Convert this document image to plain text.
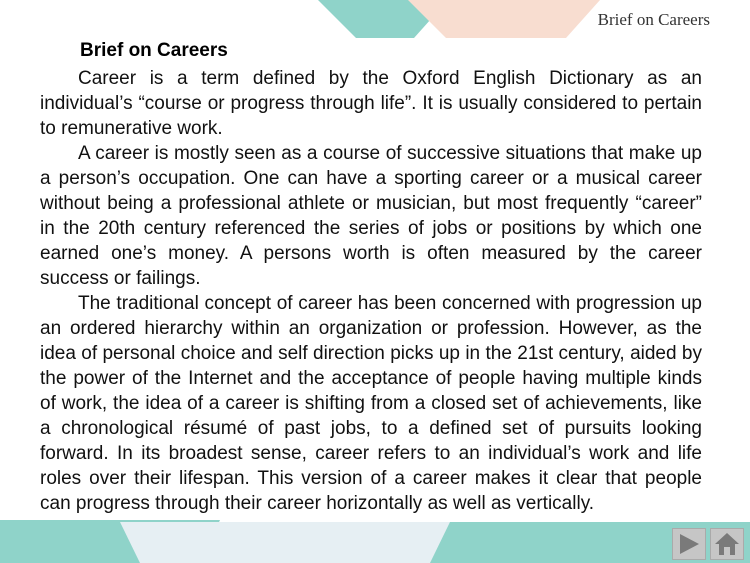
Brief on Careers
Brief on Careers

Career is a term defined by the Oxford English Dictionary as an individual’s “course or progress through life”. It is usually considered to pertain to remunerative work.

A career is mostly seen as a course of successive situations that make up a person’s occupation. One can have a sporting career or a musical career without being a professional athlete or musician, but most frequently “career” in the 20th century referenced the series of jobs or positions by which one earned one’s money. A persons worth is often measured by the career success or failings.

The traditional concept of career has been concerned with progression up an ordered hierarchy within an organization or profession. However, as the idea of personal choice and self direction picks up in the 21st century, aided by the power of the Internet and the acceptance of people having multiple kinds of work, the idea of a career is shifting from a closed set of achievements, like a chronological résumé of past jobs, to a defined set of pursuits looking forward. In its broadest sense, career refers to an individual’s work and life roles over their lifespan. This version of a career makes it clear that people can progress through their career horizontally as well as vertically.
